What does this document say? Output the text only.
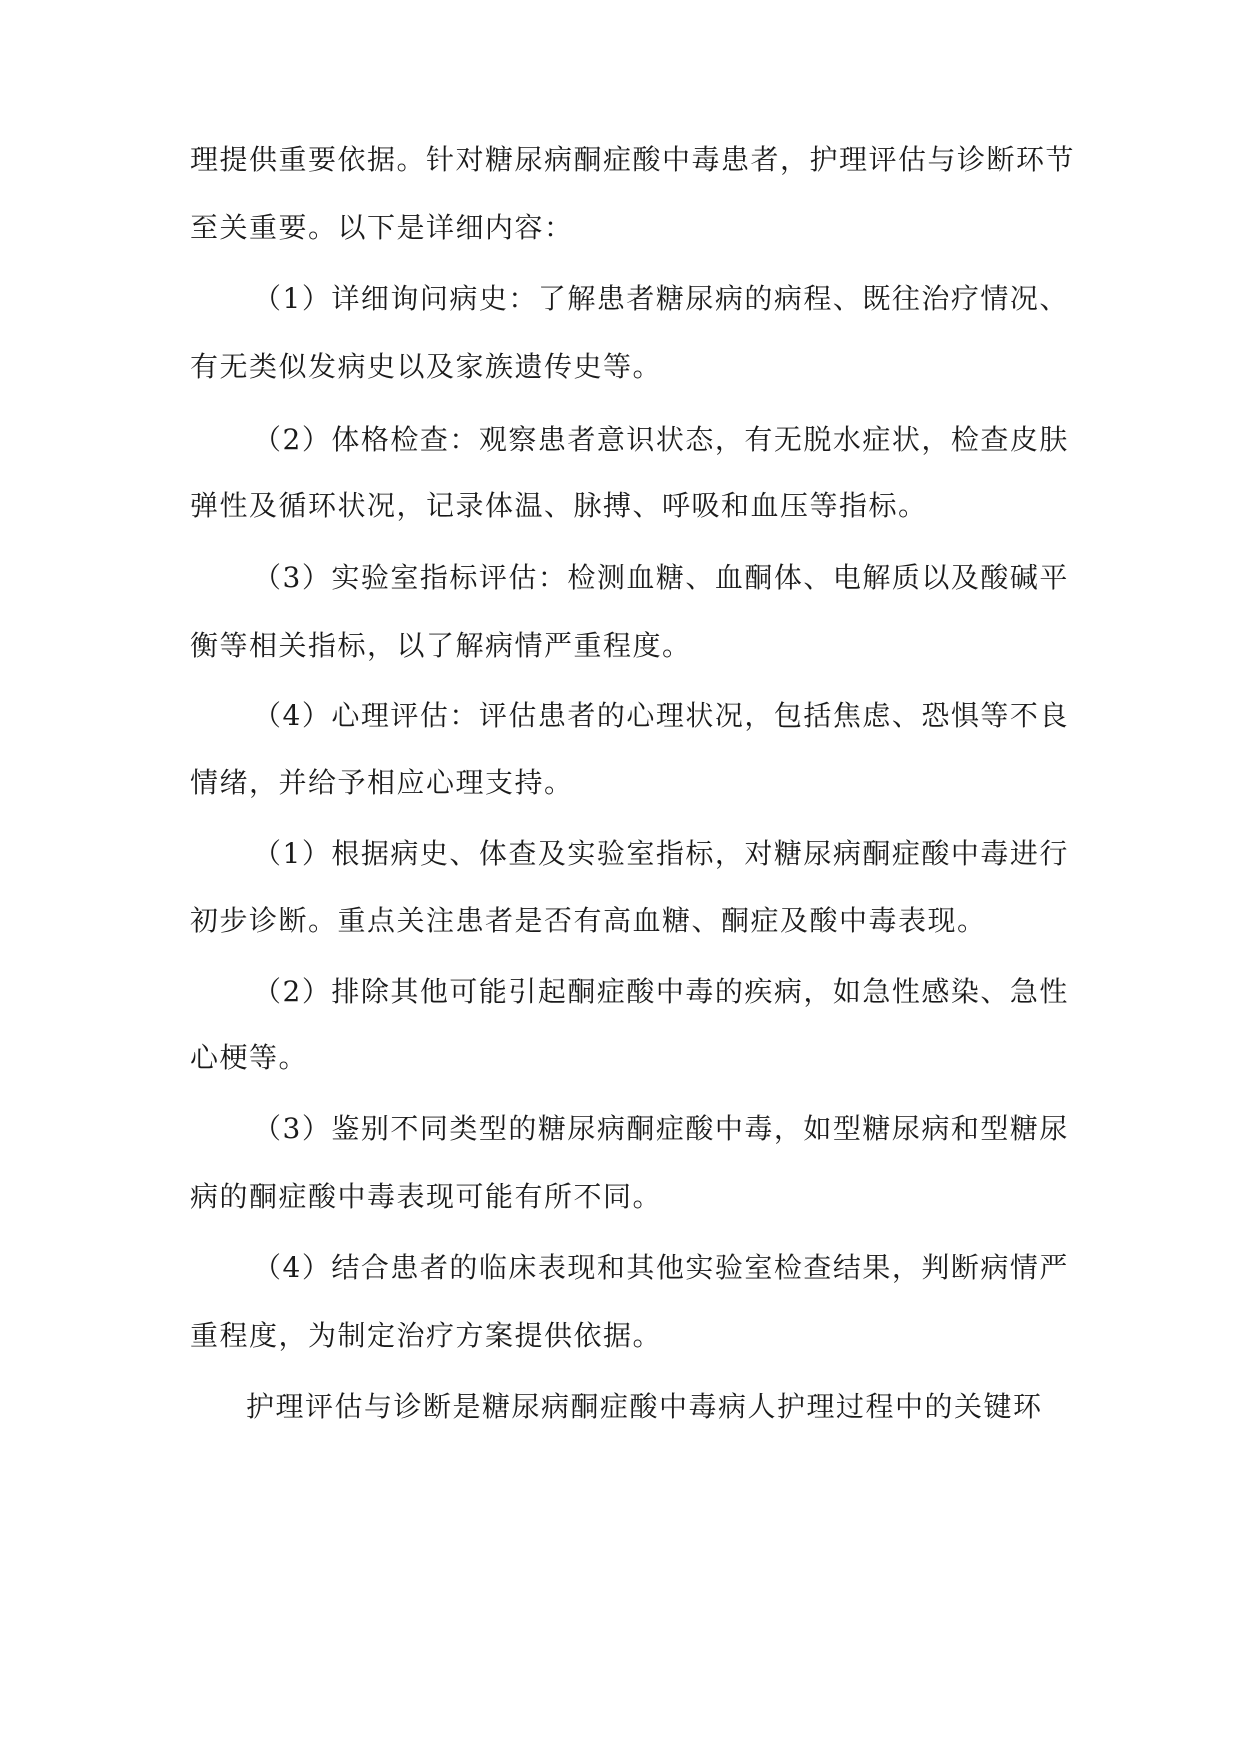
理提供重要依据。针对糖尿病酮症酸中毒患者，护理评估与诊断环节
至关重要。以下是详细内容：
（1）详细询问病史：了解患者糖尿病的病程、既往治疗情况、
有无类似发病史以及家族遗传史等。
（2）体格检查：观察患者意识状态，有无脱水症状，检查皮肤
弹性及循环状况，记录体温、脉搏、呼吸和血压等指标。
（3）实验室指标评估：检测血糖、血酮体、电解质以及酸碱平
衡等相关指标，以了解病情严重程度。
（4）心理评估：评估患者的心理状况，包括焦虑、恐惧等不良
情绪，并给予相应心理支持。
（1）根据病史、体查及实验室指标，对糖尿病酮症酸中毒进行
初步诊断。重点关注患者是否有高血糖、酮症及酸中毒表现。
（2）排除其他可能引起酮症酸中毒的疾病，如急性感染、急性
心梗等。
（3）鉴别不同类型的糖尿病酮症酸中毒，如型糖尿病和型糖尿
病的酮症酸中毒表现可能有所不同。
（4）结合患者的临床表现和其他实验室检查结果，判断病情严
重程度，为制定治疗方案提供依据。
护理评估与诊断是糖尿病酮症酸中毒病人护理过程中的关键环
